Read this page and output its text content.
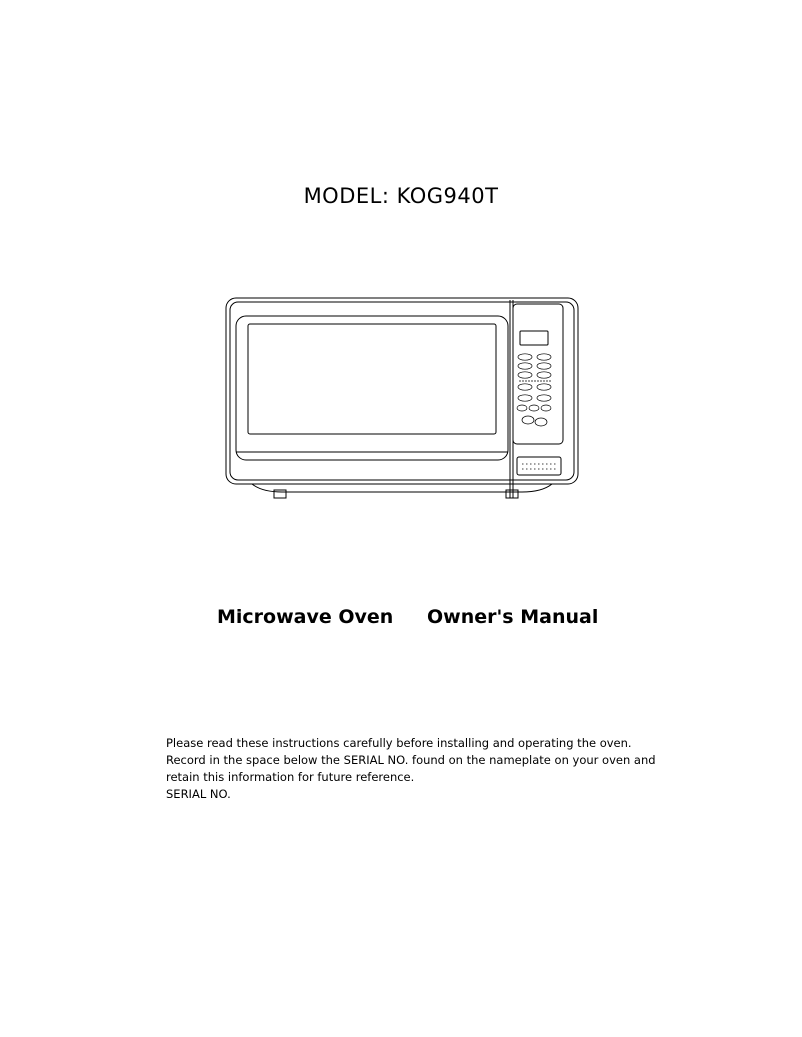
MODEL: KOG940T
Microwave Oven Owner's Manual

Please read these instructions carefully before installing and operating the oven.

Record in the space below the SERIAL NO. found on the nameplate on your oven and retain this information for future reference.

SERIAL NO.
